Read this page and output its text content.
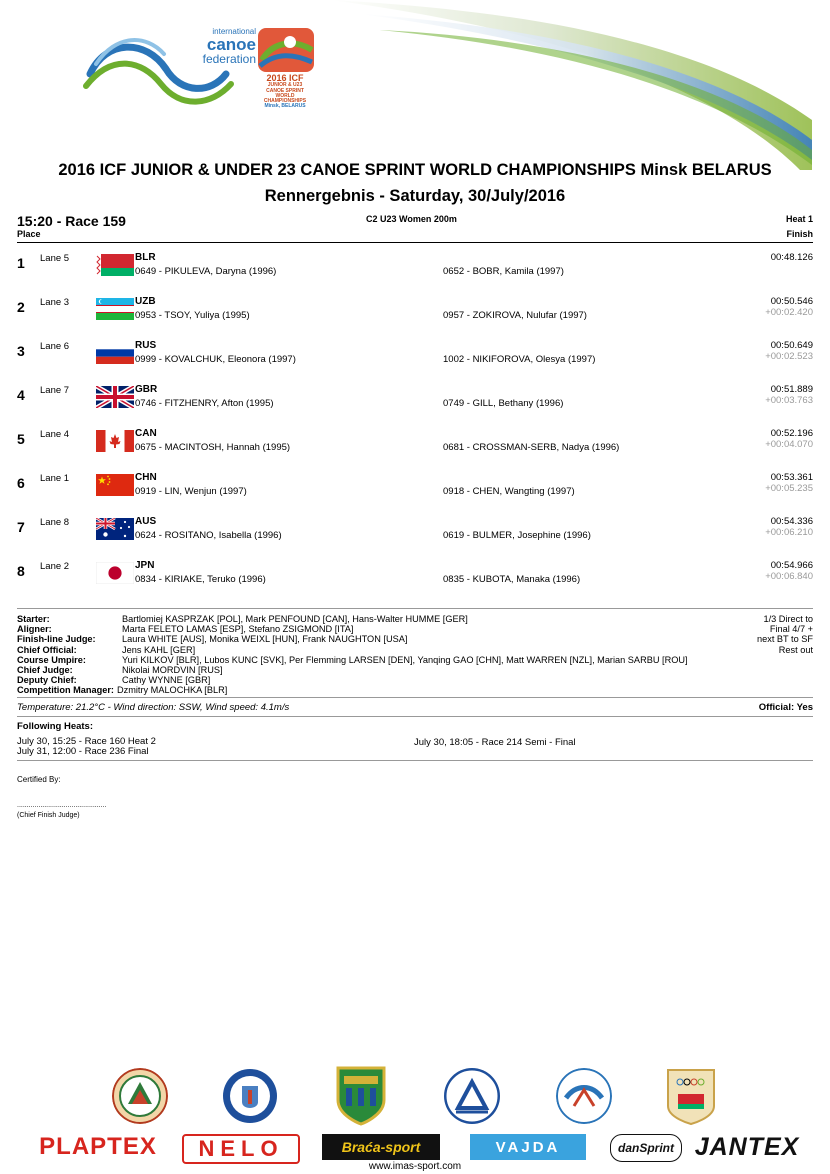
international
canoe
federation
2016 ICF
JUNIOR & U23
CANOE SPRINT
WORLD CHAMPIONSHIPS
Minsk, BELARUS
2016 ICF JUNIOR & UNDER 23 CANOE SPRINT WORLD CHAMPIONSHIPS Minsk BELARUS
Rennergebnis - Saturday, 30/July/2016
15:20 - Race 159
Place
C2 U23 Women 200m	Heat 1
Finish
1 Lane 5	BLR
0649 - PIKULEVA, Daryna (1996)	0652 - BOBR, Kamila (1997)
00:48.126
2 Lane 3	UZB
0953 - TSOY, Yuliya (1995)	0957 - ZOKIROVA, Nulufar (1997)
00:50.546
+00:02.420
3 Lane 6	RUS
0999 - KOVALCHUK, Eleonora (1997)	1002 - NIKIFOROVA, Olesya (1997)
00:50.649
+00:02.523
4 Lane 7	GBR
0746 - FITZHENRY, Afton (1995)	0749 - GILL, Bethany (1996)
00:51.889
+00:03.763
5 Lane 4	CAN
0675 - MACINTOSH, Hannah (1995)	0681 - CROSSMAN-SERB, Nadya (1996)
00:52.196
+00:04.070
6 Lane 1	CHN
0919 - LIN, Wenjun (1997)	0918 - CHEN, Wangting (1997)
00:53.361
+00:05.235
7 Lane 8	AUS
0624 - ROSITANO, Isabella (1996)	0619 - BULMER, Josephine (1996)
00:54.336
+00:06.210
8 Lane 2	JPN
0834 - KIRIAKE, Teruko (1996)	0835 - KUBOTA, Manaka (1996)
00:54.966
+00:06.840
Starter:	Bartlomiej KASPRZAK [POL], Mark PENFOUND [CAN], Hans-Walter HUMME [GER]
Aligner:	Marta FELETO LAMAS [ESP], Stefano ZSIGMOND [ITA]
Finish-line Judge:	Laura WHITE [AUS], Monika WEIXL [HUN], Frank NAUGHTON [USA]
Chief Official:	Jens KAHL [GER]
Course Umpire:	Yuri KILKOV [BLR], Lubos KUNC [SVK], Per Flemming LARSEN [DEN], Yanqing GAO [CHN], Matt WARREN [NZL], Marian SARBU [ROU]
Chief Judge:	Nikolai MORDVIN [RUS]
Deputy Chief:	Cathy WYNNE [GBR]
Competition Manager: Dzmitry MALOCHKA [BLR]
1/3 Direct to
Final 4/7 +
next BT to SF
Rest out
Temperature: 21.2°C - Wind direction: SSW, Wind speed: 4.1m/s	Official: Yes
Following Heats:
July 30, 15:25 - Race 160 Heat 2
July 31, 12:00 - Race 236 Final
July 30, 18:05 - Race 214 Semi - Final
Certified By:
..............................................
(Chief Finish Judge)
PLAPTEX	NELO	Braća-sport	VAJDA	danSprint JANTEX
www.imas-sport.com
